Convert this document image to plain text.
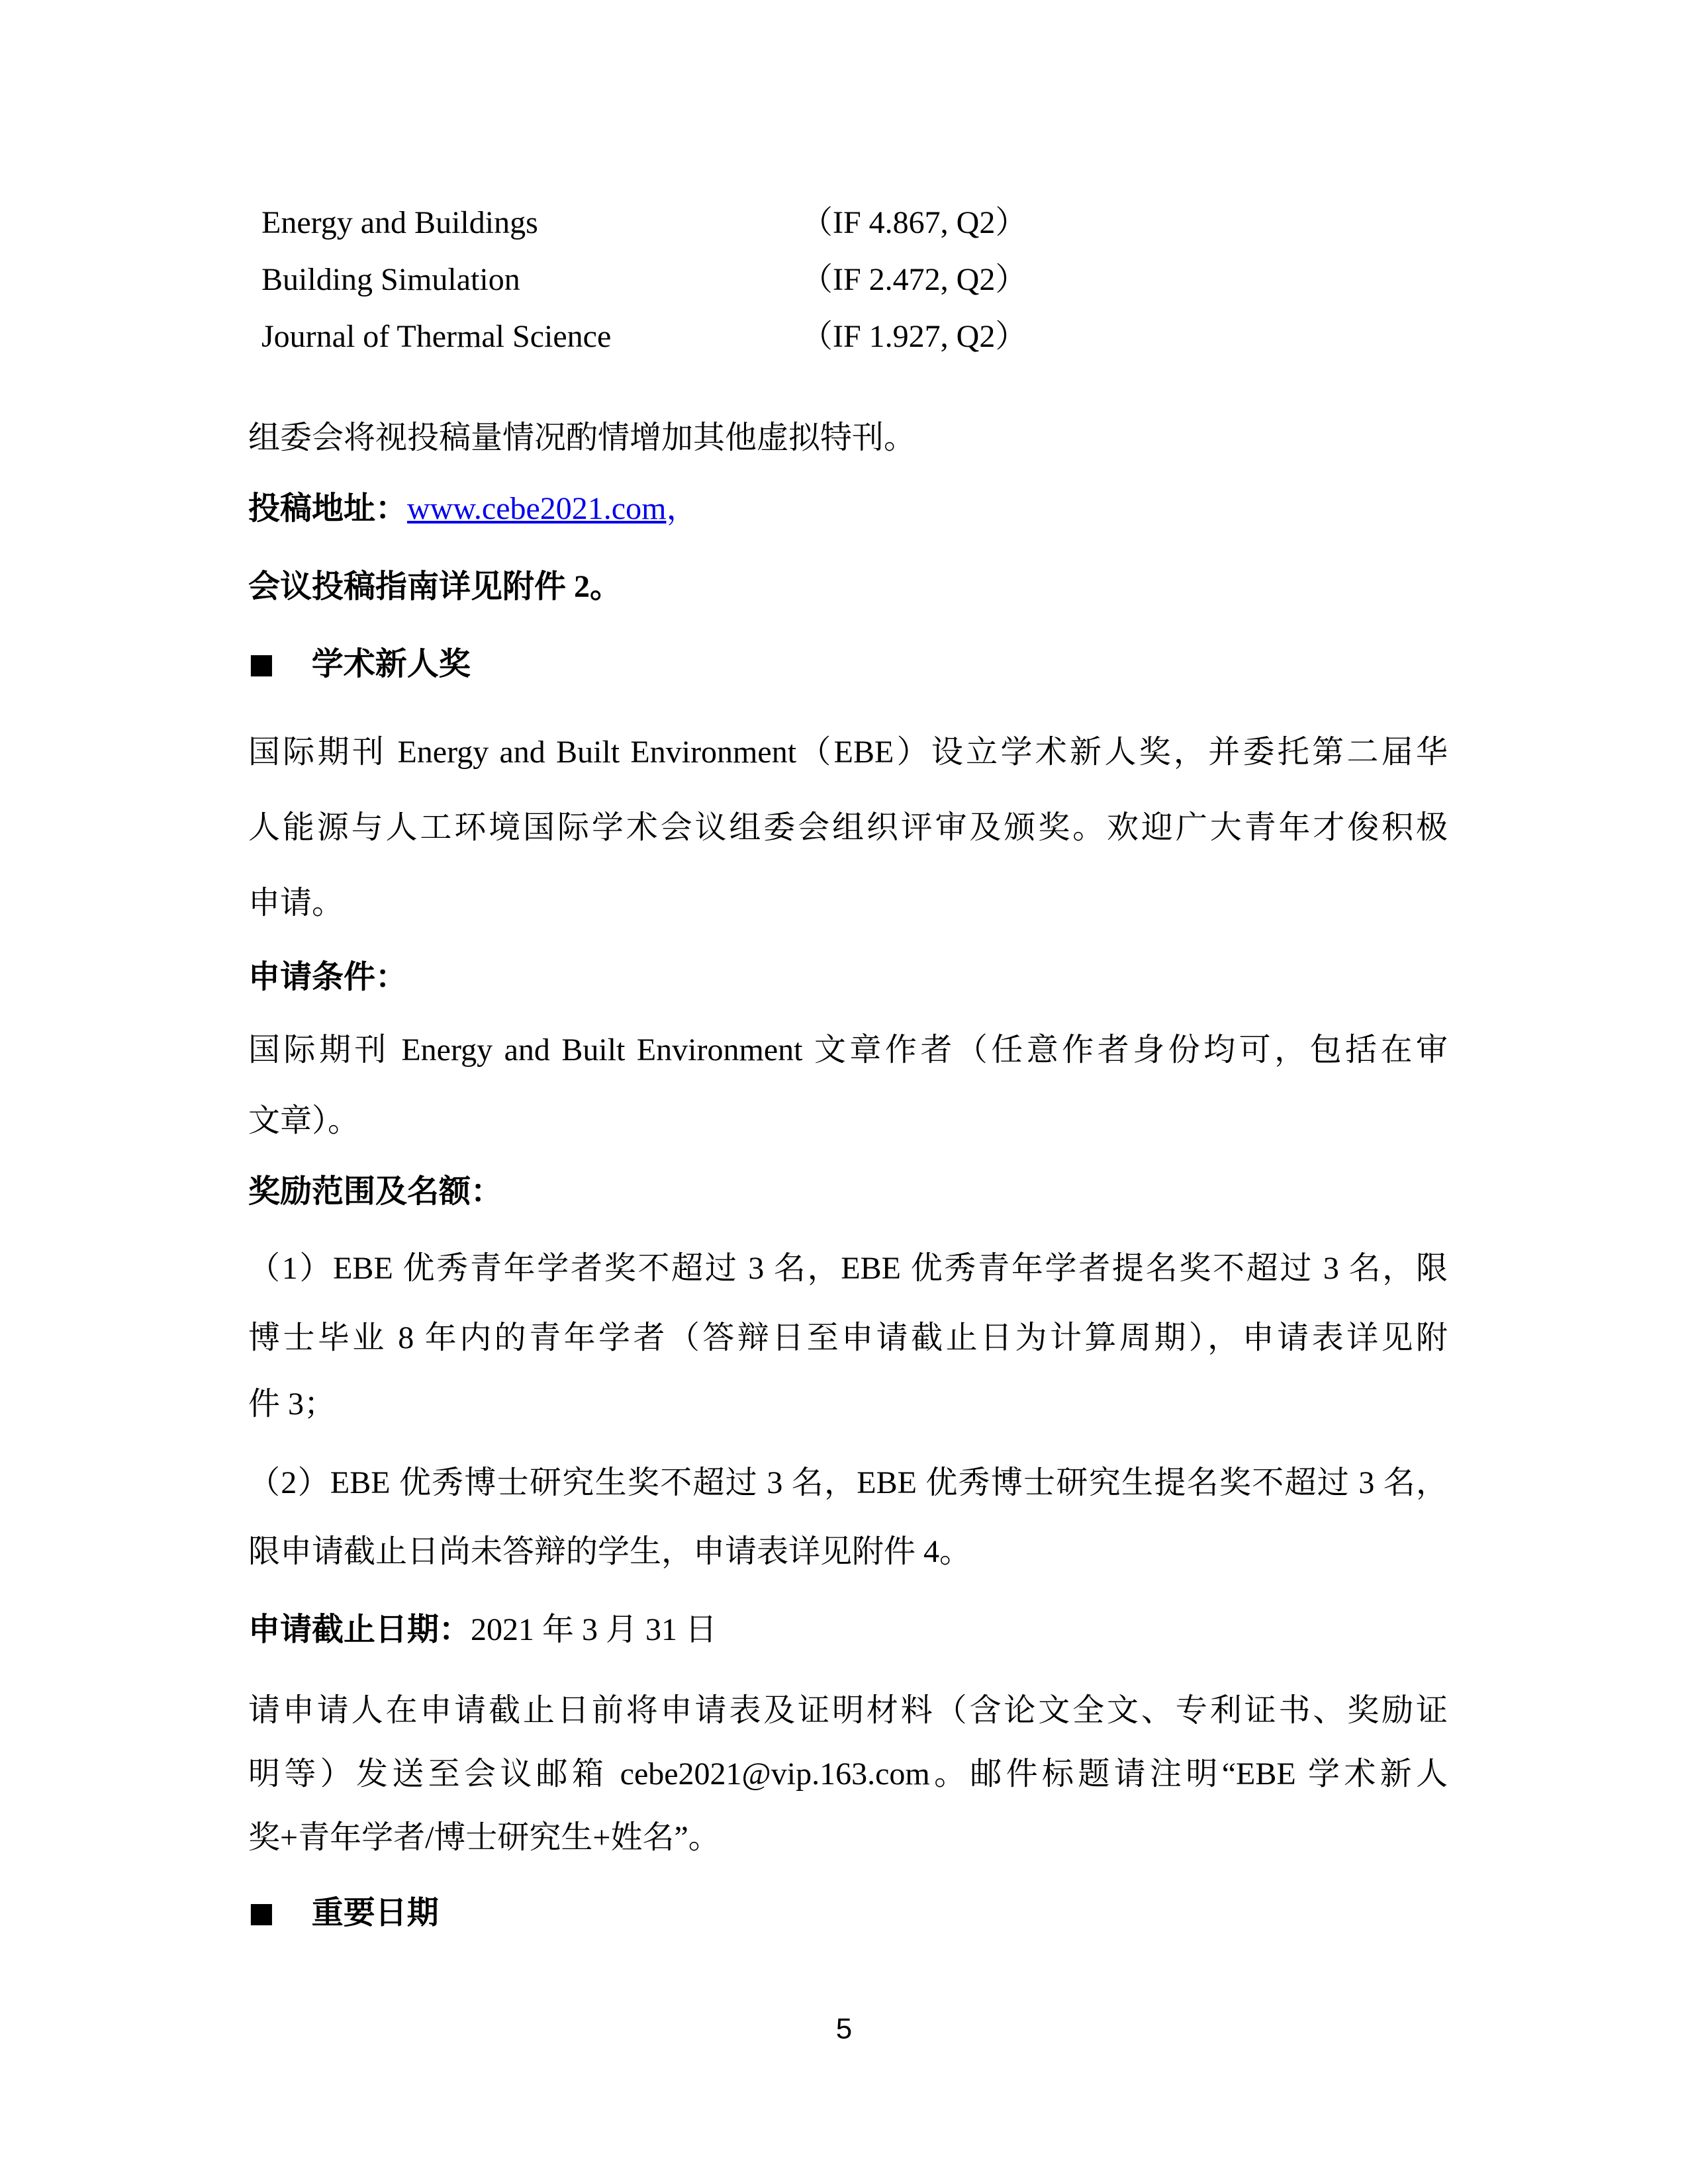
Energy and Buildings	（IF 4.867, Q2）
Building Simulation	（IF 2.472, Q2）
Journal of Thermal Science	（IF 1.927, Q2）
组委会将视投稿量情况酌情增加其他虚拟特刊。
投稿地址：www.cebe2021.com，
会议投稿指南详见附件 2。
■ 学术新人奖
国际期刊 Energy and Built Environment（EBE）设立学术新人奖，并委托第二届华
人能源与人工环境国际学术会议组委会组织评审及颁奖。欢迎广大青年才俊积极
申请。
申请条件：
国际期刊 Energy and Built Environment 文章作者（任意作者身份均可，包括在审
文章）。
奖励范围及名额：
（1）EBE 优秀青年学者奖不超过 3 名，EBE 优秀青年学者提名奖不超过 3 名，限
博士毕业 8 年内的青年学者（答辩日至申请截止日为计算周期），申请表详见附
件 3；
（2）EBE 优秀博士研究生奖不超过 3 名，EBE 优秀博士研究生提名奖不超过 3 名，
限申请截止日尚未答辩的学生，申请表详见附件 4。
申请截止日期：2021 年 3 月 31 日
请申请人在申请截止日前将申请表及证明材料（含论文全文、专利证书、奖励证
明等）发送至会议邮箱 cebe2021@vip.163.com。邮件标题请注明“EBE 学术新人
奖+青年学者/博士研究生+姓名”。
■ 重要日期
5
